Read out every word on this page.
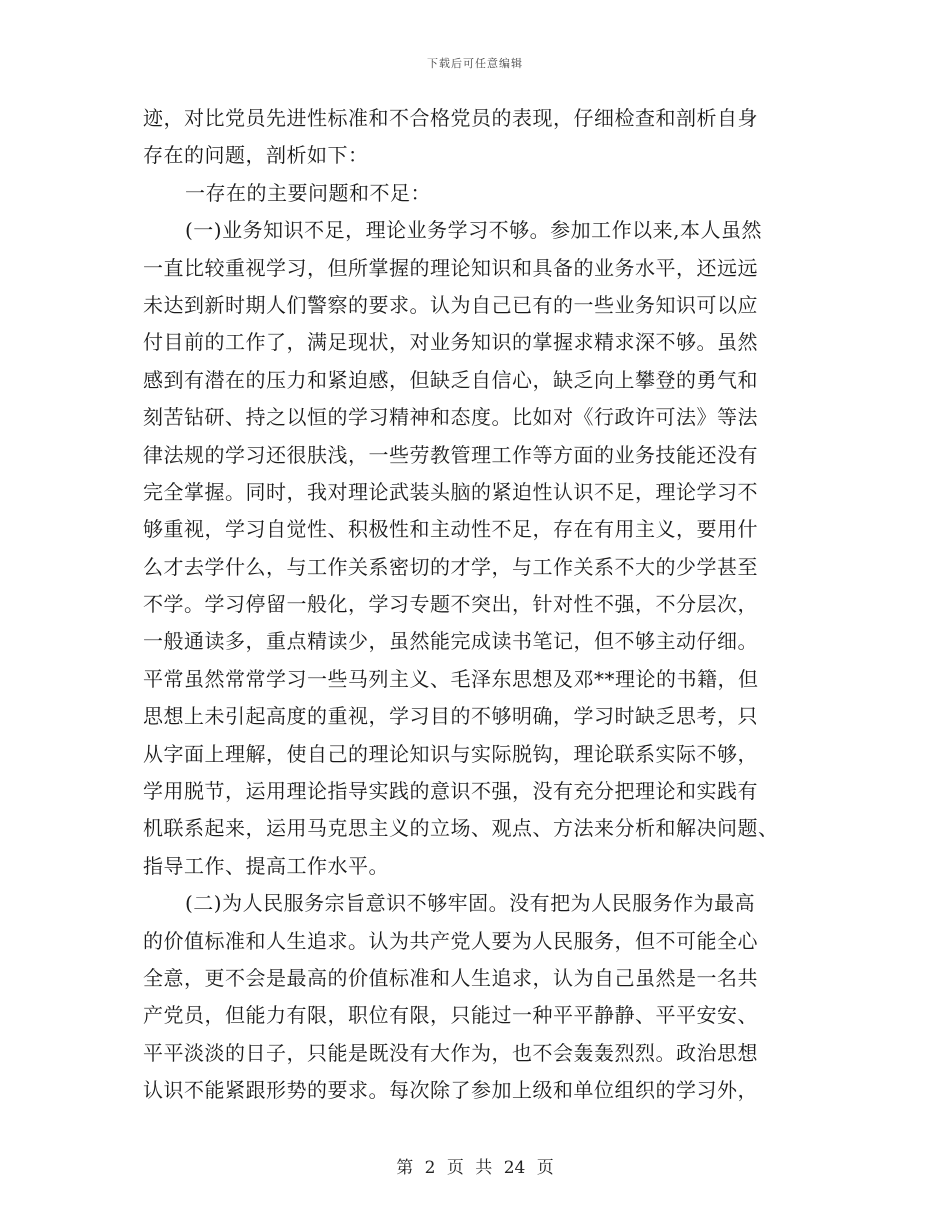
下载后可任意编辑
迹，对比党员先进性标准和不合格党员的表现，仔细检查和剖析自身
存在的问题，剖析如下：
一存在的主要问题和不足：
(一)业务知识不足，理论业务学习不够。参加工作以来,本人虽然
一直比较重视学习，但所掌握的理论知识和具备的业务水平，还远远
未达到新时期人们警察的要求。认为自己已有的一些业务知识可以应
付目前的工作了，满足现状，对业务知识的掌握求精求深不够。虽然
感到有潜在的压力和紧迫感，但缺乏自信心，缺乏向上攀登的勇气和
刻苦钻研、持之以恒的学习精神和态度。比如对《行政许可法》等法
律法规的学习还很肤浅，一些劳教管理工作等方面的业务技能还没有
完全掌握。同时，我对理论武装头脑的紧迫性认识不足，理论学习不
够重视，学习自觉性、积极性和主动性不足，存在有用主义，要用什
么才去学什么，与工作关系密切的才学，与工作关系不大的少学甚至
不学。学习停留一般化，学习专题不突出，针对性不强，不分层次，
一般通读多，重点精读少，虽然能完成读书笔记，但不够主动仔细。
平常虽然常常学习一些马列主义、毛泽东思想及邓**理论的书籍，但
思想上未引起高度的重视，学习目的不够明确，学习时缺乏思考，只
从字面上理解，使自己的理论知识与实际脱钩，理论联系实际不够，
学用脱节，运用理论指导实践的意识不强，没有充分把理论和实践有
机联系起来，运用马克思主义的立场、观点、方法来分析和解决问题、
指导工作、提高工作水平。
(二)为人民服务宗旨意识不够牢固。没有把为人民服务作为最高
的价值标准和人生追求。认为共产党人要为人民服务，但不可能全心
全意，更不会是最高的价值标准和人生追求，认为自己虽然是一名共
产党员，但能力有限，职位有限，只能过一种平平静静、平平安安、
平平淡淡的日子，只能是既没有大作为，也不会轰轰烈烈。政治思想
认识不能紧跟形势的要求。每次除了参加上级和单位组织的学习外，
第 2 页 共 24 页
